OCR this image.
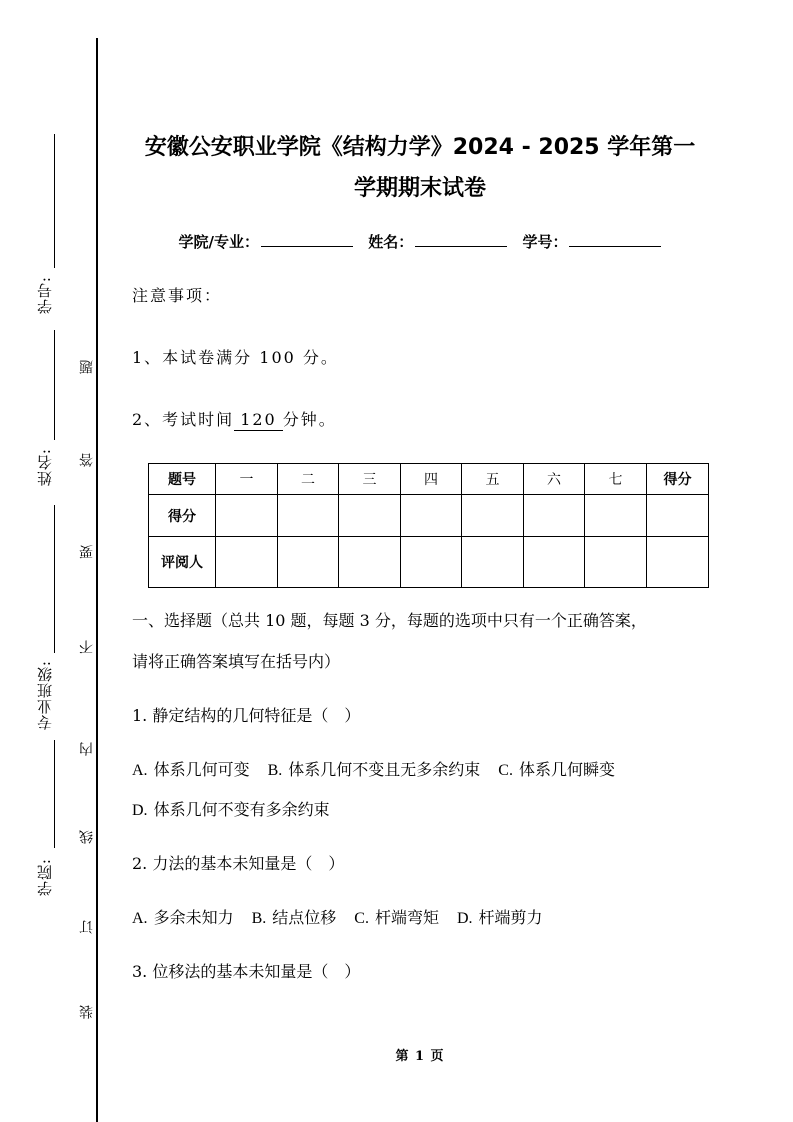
学院:
专业班级:
姓名:
学号:
装
订
线
内
不
要
答
题
安徽公安职业学院《结构力学》2024 - 2025 学年第一
学期期末试卷
学院/专业：	姓名：	学号：
注意事项：
1、本试卷满分 100 分。
2、考试时间 120 分钟。
题号	一	二	三	四	五	六	七	得分
得分								
评阅人								
一、选择题（总共 10 题，每题 3 分，每题的选项中只有一个正确答案，
请将正确答案填写在括号内）
1. 静定结构的几何特征是（　）
A. 体系几何可变 B. 体系几何不变且无多余约束 C. 体系几何瞬变
D. 体系几何不变有多余约束
2. 力法的基本未知量是（　）
A. 多余未知力 B. 结点位移 C. 杆端弯矩 D. 杆端剪力
3. 位移法的基本未知量是（　）
第 1 页
